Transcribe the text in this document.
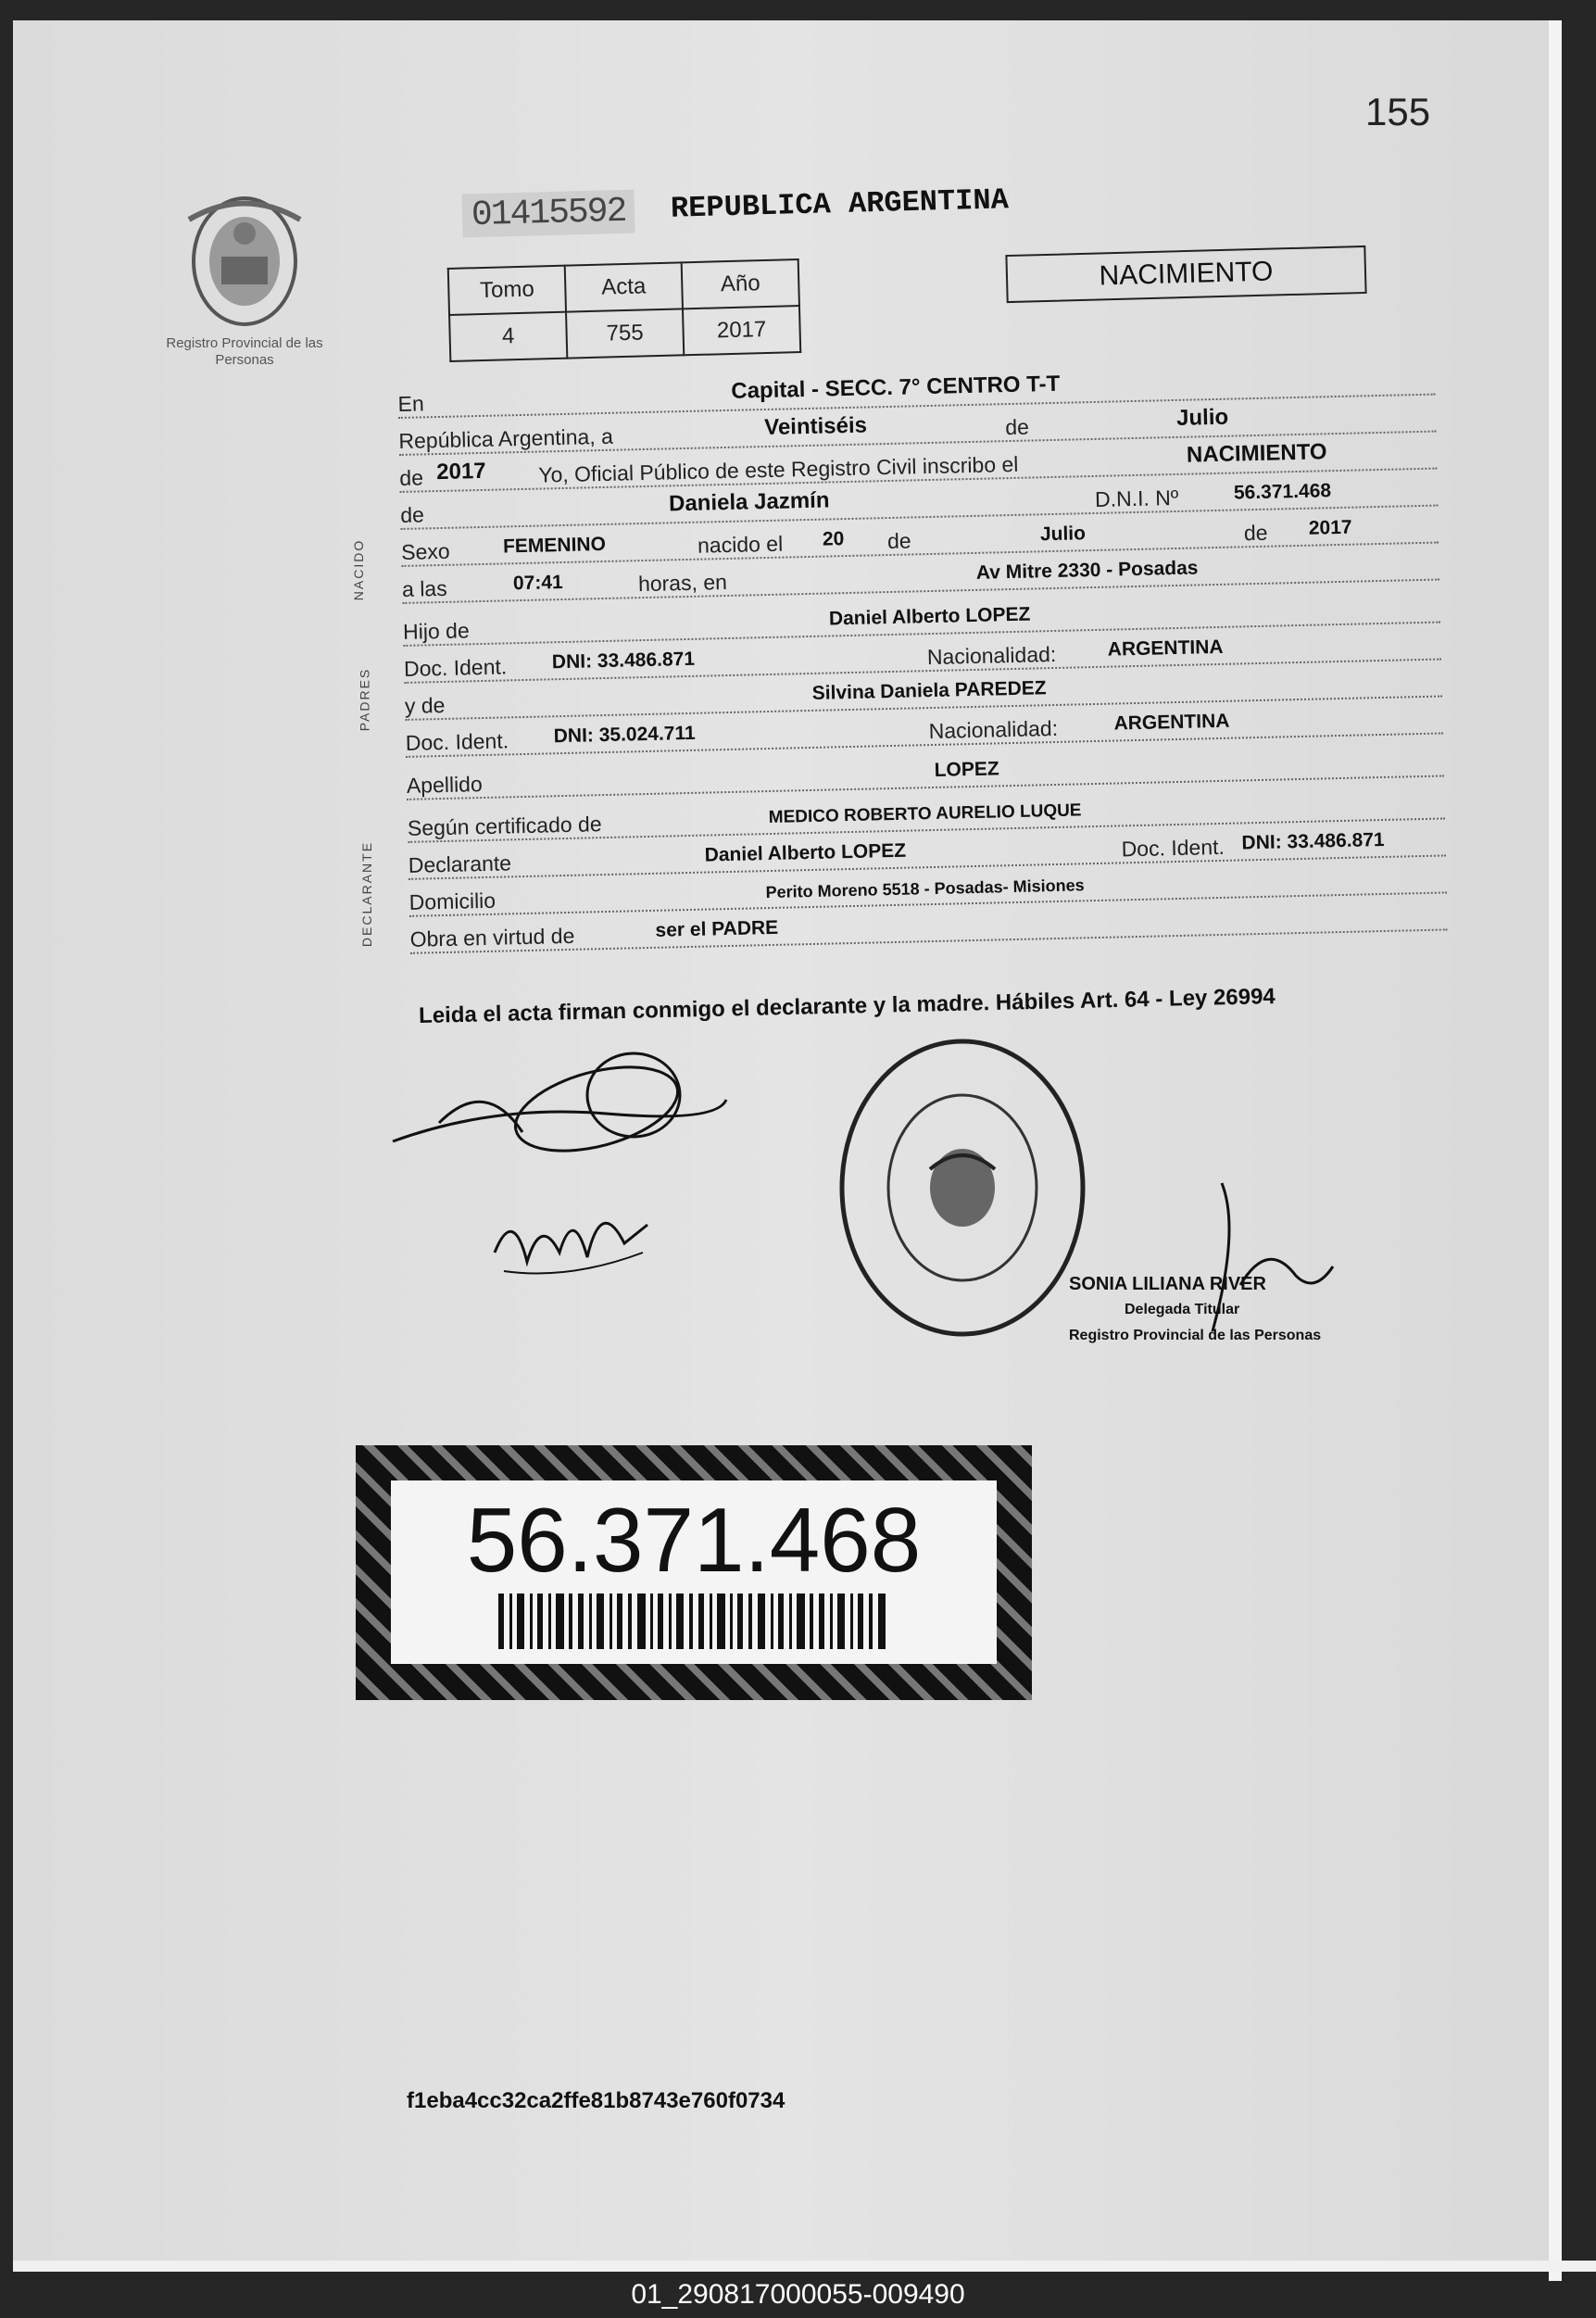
155
Registro Provincial de las Personas
01415592	REPUBLICA ARGENTINA
Tomo	Acta	Año
4	755	2017
NACIMIENTO
NACIDO
PADRES
DECLARANTE
En	Capital - SECC. 7° CENTRO T-T
República Argentina, a	Veintiséis	de	Julio
de 2017 Yo, Oficial Público de este Registro Civil inscribo el	NACIMIENTO
de	Daniela Jazmín	D.N.I. Nº	56.371.468
Sexo	FEMENINO	nacido el 20 de	Julio	de 2017
a las	07:41	horas, en	Av Mitre 2330 - Posadas
Hijo de
Daniel Alberto LOPEZ
Doc. Ident. DNI: 33.486.871	Nacionalidad:	ARGENTINA
y de
Silvina Daniela PAREDEZ
Doc. Ident. DNI: 35.024.711	Nacionalidad:	ARGENTINA
Apellido
LOPEZ
Según certificado de	MEDICO ROBERTO AURELIO LUQUE
Declarante	Daniel Alberto LOPEZ	Doc. Ident. DNI: 33.486.871
Domicilio	Perito Moreno 5518 - Posadas- Misiones
Obra en virtud de	ser el PADRE
Leida el acta firman conmigo el declarante y la madre. Hábiles Art. 64 - Ley 26994
SONIA LILIANA RIVER
Delegada Titular
Registro Provincial de las Personas
56.371.468
f1eba4cc32ca2ffe81b8743e760f0734
01_290817000055-009490
